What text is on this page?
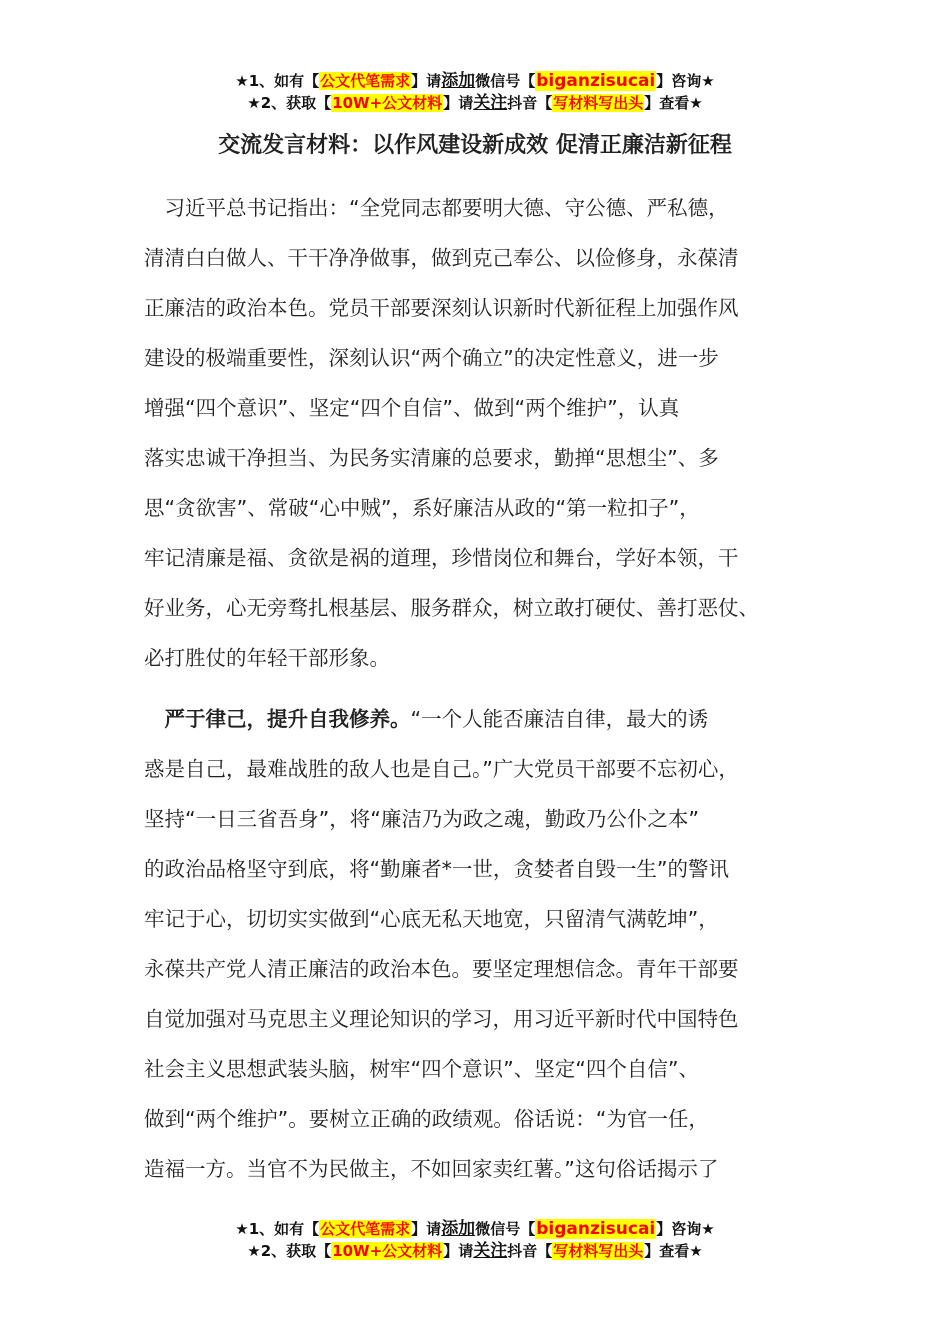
★1、如有【公文代笔需求】请添加微信号【biganzisucai】咨询★
★2、获取【10W+公文材料】请关注抖音【写材料写出头】查看★
交流发言材料：以作风建设新成效 促清正廉洁新征程
　习近平总书记指出：“全党同志都要明大德、守公德、严私德，
清清白白做人、干干净净做事，做到克己奉公、以俭修身，永葆清
正廉洁的政治本色。党员干部要深刻认识新时代新征程上加强作风
建设的极端重要性，深刻认识“两个确立”的决定性意义，进一步
增强“四个意识”、坚定“四个自信”、做到“两个维护”，认真
落实忠诚干净担当、为民务实清廉的总要求，勤掸“思想尘”、多
思“贪欲害”、常破“心中贼”，系好廉洁从政的“第一粒扣子”，
牢记清廉是福、贪欲是祸的道理，珍惜岗位和舞台，学好本领，干
好业务，心无旁骛扎根基层、服务群众，树立敢打硬仗、善打恶仗、
必打胜仗的年轻干部形象。
　严于律己，提升自我修养。“一个人能否廉洁自律，最大的诱
惑是自己，最难战胜的敌人也是自己。”广大党员干部要不忘初心，
坚持“一日三省吾身”，将“廉洁乃为政之魂，勤政乃公仆之本”
的政治品格坚守到底，将“勤廉者*一世，贪婪者自毁一生”的警讯
牢记于心，切切实实做到“心底无私天地宽，只留清气满乾坤”，
永葆共产党人清正廉洁的政治本色。要坚定理想信念。青年干部要
自觉加强对马克思主义理论知识的学习，用习近平新时代中国特色
社会主义思想武装头脑，树牢“四个意识”、坚定“四个自信”、
做到“两个维护”。要树立正确的政绩观。俗话说：“为官一任，
造福一方。当官不为民做主，不如回家卖红薯。”这句俗话揭示了
★1、如有【公文代笔需求】请添加微信号【biganzisucai】咨询★
★2、获取【10W+公文材料】请关注抖音【写材料写出头】查看★
